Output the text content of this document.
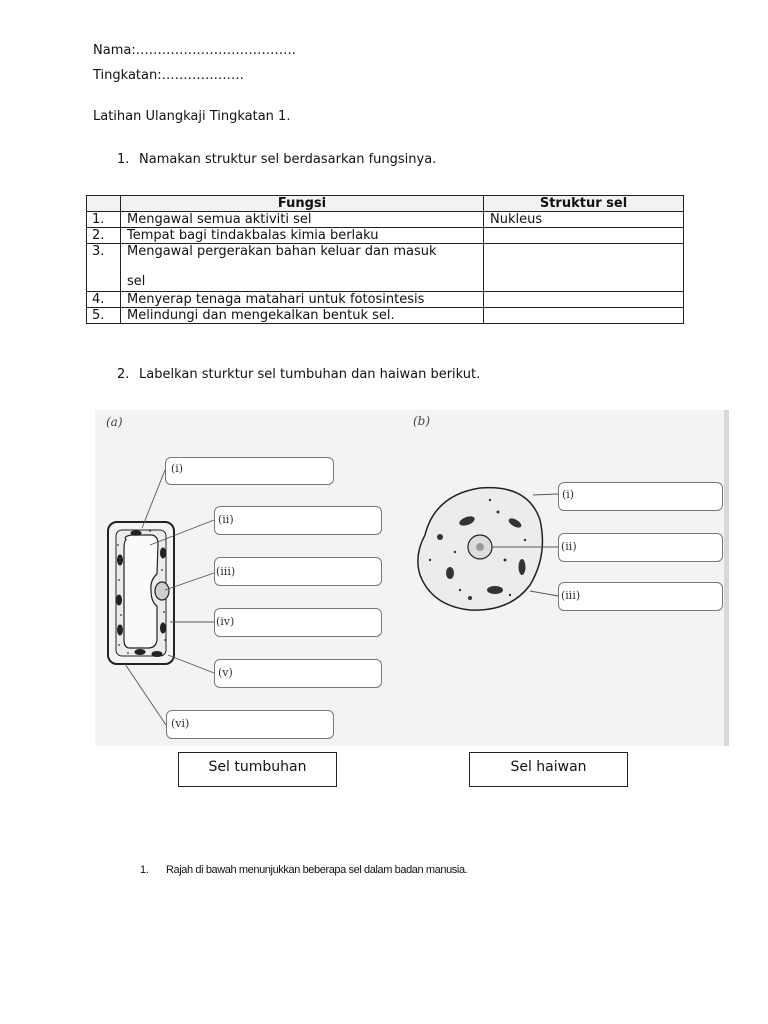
Nama:……………………………….
Tingkatan:……………….
Latihan Ulangkaji Tingkatan 1.
1. Namakan struktur sel berdasarkan fungsinya.
	Fungsi	Struktur sel
1.	Mengawal semua aktiviti sel	Nukleus
2.	Tempat bagi tindakbalas kimia berlaku	
3.	Mengawal pergerakan bahan keluar dan masuk
sel	

4.	Menyerap tenaga matahari untuk fotosintesis	
5.	Melindungi dan mengekalkan bentuk sel.	
2. Labelkan sturktur sel tumbuhan dan haiwan berikut.
(a)	(b)
(i)
(ii)
(iii)
(iv)
(v)
(vi)
(i)
(ii)
(iii)
Sel tumbuhan	Sel haiwan
1. Rajah di bawah menunjukkan beberapa sel dalam badan manusia.
